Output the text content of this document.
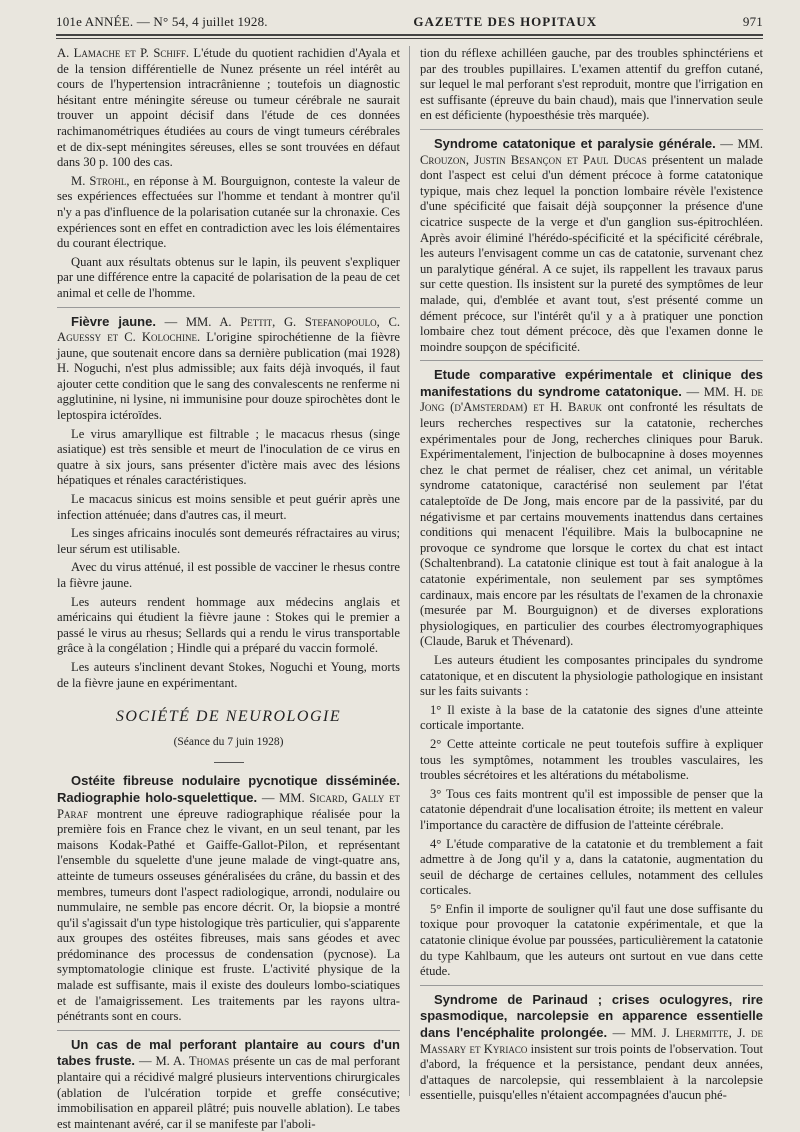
101e ANNÉE. — N° 54, 4 juillet 1928.	GAZETTE DES HOPITAUX	971

A. Lamache et P. Schiff. L'étude du quotient rachidien d'Ayala et de la tension différentielle de Nunez présente un réel intérêt au cours de l'hypertension intracrânienne ; toutefois un diagnostic hésitant entre méningite séreuse ou tumeur cérébrale ne saurait trouver un appoint décisif dans l'étude de ces données rachimanométriques étudiées au cours de vingt tumeurs cérébrales et de dix-sept méningites séreuses, elles se sont trouvées en défaut dans 30 p. 100 des cas.

M. Strohl, en réponse à M. Bourguignon, conteste la valeur de ses expériences effectuées sur l'homme et tendant à montrer qu'il n'y a pas d'influence de la polarisation cutanée sur la chronaxie. Ces expériences sont en effet en contradiction avec les lois élémentaires du courant électrique.

Quant aux résultats obtenus sur le lapin, ils peuvent s'expliquer par une différence entre la capacité de polarisation de la peau de cet animal et celle de l'homme.

Fièvre jaune. — MM. A. Pettit, G. Stefanopoulo, C. Aguessy et C. Kolochine. L'origine spirochétienne de la fièvre jaune, que soutenait encore dans sa dernière publication (mai 1928) H. Noguchi, n'est plus admissible; aux faits déjà invoqués, il faut ajouter cette condition que le sang des convalescents ne renferme ni agglutinine, ni lysine, ni immunisine pour douze spirochètes dont le leptospira ictéroïdes.

Le virus amaryllique est filtrable ; le macacus rhesus (singe asiatique) est très sensible et meurt de l'inoculation de ce virus en quatre à six jours, sans présenter d'ictère mais avec des lésions hépatiques et rénales caractéristiques.

Le macacus sinicus est moins sensible et peut guérir après une infection atténuée; dans d'autres cas, il meurt.

Les singes africains inoculés sont demeurés réfractaires au virus; leur sérum est utilisable.

Avec du virus atténué, il est possible de vacciner le rhesus contre la fièvre jaune.

Les auteurs rendent hommage aux médecins anglais et américains qui étudient la fièvre jaune : Stokes qui le premier a passé le virus au rhesus; Sellards qui a rendu le virus transportable grâce à la congélation ; Hindle qui a préparé du vaccin formolé.

Les auteurs s'inclinent devant Stokes, Noguchi et Young, morts de la fièvre jaune en expérimentant.

SOCIÉTÉ DE NEUROLOGIE

(Séance du 7 juin 1928)

Ostéite fibreuse nodulaire pycnotique disséminée. Radiographie holo-squelettique. — MM. Sicard, Gally et Paraf montrent une épreuve radiographique réalisée pour la première fois en France chez le vivant, en un seul tenant, par les maisons Kodak-Pathé et Gaiffe-Gallot-Pilon, et représentant l'ensemble du squelette d'une jeune malade de vingt-quatre ans, atteinte de tumeurs osseuses généralisées du crâne, du bassin et des membres, tumeurs dont l'aspect radiologique, arrondi, nodulaire ou nummulaire, ne semble pas encore décrit. Or, la biopsie a montré qu'il s'agissait d'un type histologique très particulier, qui s'apparente aux groupes des ostéites fibreuses, mais sans géodes et avec prédominance des processus de condensation (pycnose). La symptomatologie clinique est fruste. L'activité physique de la malade est suffisante, mais il existe des douleurs lombo-sciatiques et de l'amaigrissement. Les traitements par les rayons ultra-pénétrants sont en cours.

Un cas de mal perforant plantaire au cours d'un tabes fruste. — M. A. Thomas présente un cas de mal perforant plantaire qui a récidivé malgré plusieurs interventions chirurgicales (ablation de l'ulcération torpide et greffe consécutive; immobilisation en appareil plâtré; puis nouvelle ablation). Le tabes est maintenant avéré, car il se manifeste par l'aboli-

tion du réflexe achilléen gauche, par des troubles sphinctériens et par des troubles pupillaires. L'examen attentif du greffon cutané, sur lequel le mal perforant s'est reproduit, montre que l'irrigation en est suffisante (épreuve du bain chaud), mais que l'innervation seule en est déficiente (hypoesthésie très marquée).

Syndrome catatonique et paralysie générale. — MM. Crouzon, Justin Besançon et Paul Ducas présentent un malade dont l'aspect est celui d'un dément précoce à forme catatonique typique, mais chez lequel la ponction lombaire révèle l'existence d'une spécificité que faisait déjà soupçonner la présence d'une cicatrice suspecte de la verge et d'un ganglion sus-épitrochléen. Après avoir éliminé l'hérédo-spécificité et la spécificité cérébrale, les auteurs l'envisagent comme un cas de catatonie, survenant chez un paralytique général. A ce sujet, ils rappellent les travaux parus sur cette question. Ils insistent sur la pureté des symptômes de leur malade, qui, d'emblée et avant tout, s'est présenté comme un dément précoce, sur l'intérêt qu'il y a à pratiquer une ponction lombaire chez tout dément précoce, dès que l'examen donne le moindre soupçon de spécificité.

Etude comparative expérimentale et clinique des manifestations du syndrome catatonique. — MM. H. de Jong (d'Amsterdam) et H. Baruk ont confronté les résultats de leurs recherches respectives sur la catatonie, recherches expérimentales pour de Jong, recherches cliniques pour Baruk. Expérimentalement, l'injection de bulbocapnine à doses moyennes chez le chat permet de réaliser, chez cet animal, un véritable syndrome catatonique, caractérisé non seulement par l'état cataleptoïde de De Jong, mais encore par de la passivité, par du négativisme et par certains mouvements inattendus dans certaines conditions qui menacent l'équilibre. Mais la bulbocapnine ne provoque ce syndrome que lorsque le cortex du chat est intact (Schaltenbrand). La catatonie clinique est tout à fait analogue à la catatonie expérimentale, non seulement par ses symptômes cardinaux, mais encore par les résultats de l'examen de la chronaxie (mesurée par M. Bourguignon) et de diverses explorations physiologiques, en particulier des courbes électromyographiques (Claude, Baruk et Thévenard).

Les auteurs étudient les composantes principales du syndrome catatonique, et en discutent la physiologie pathologique en insistant sur les faits suivants :

1° Il existe à la base de la catatonie des signes d'une atteinte corticale importante.

2° Cette atteinte corticale ne peut toutefois suffire à expliquer tous les symptômes, notamment les troubles vasculaires, les troubles sécrétoires et les altérations du métabolisme.

3° Tous ces faits montrent qu'il est impossible de penser que la catatonie dépendrait d'une localisation étroite; ils mettent en valeur l'importance du caractère de diffusion de l'atteinte cérébrale.

4° L'étude comparative de la catatonie et du tremblement a fait admettre à de Jong qu'il y a, dans la catatonie, augmentation du seuil de décharge de certaines cellules, notamment des cellules corticales.

5° Enfin il importe de souligner qu'il faut une dose suffisante du toxique pour provoquer la catatonie expérimentale, et que la catatonie clinique évolue par poussées, particulièrement la catatonie du type Kahlbaum, que les auteurs ont surtout en vue dans cette étude.

Syndrome de Parinaud ; crises oculogyres, rire spasmodique, narcolepsie en apparence essentielle dans l'encéphalite prolongée. — MM. J. Lhermitte, J. de Massary et Kyriaco insistent sur trois points de l'observation. Tout d'abord, la fréquence et la persistance, pendant deux années, d'attaques de narcolepsie, qui ressemblaient à la narcolepsie essentielle, puisqu'elles n'étaient accompagnées d'aucun phé-
